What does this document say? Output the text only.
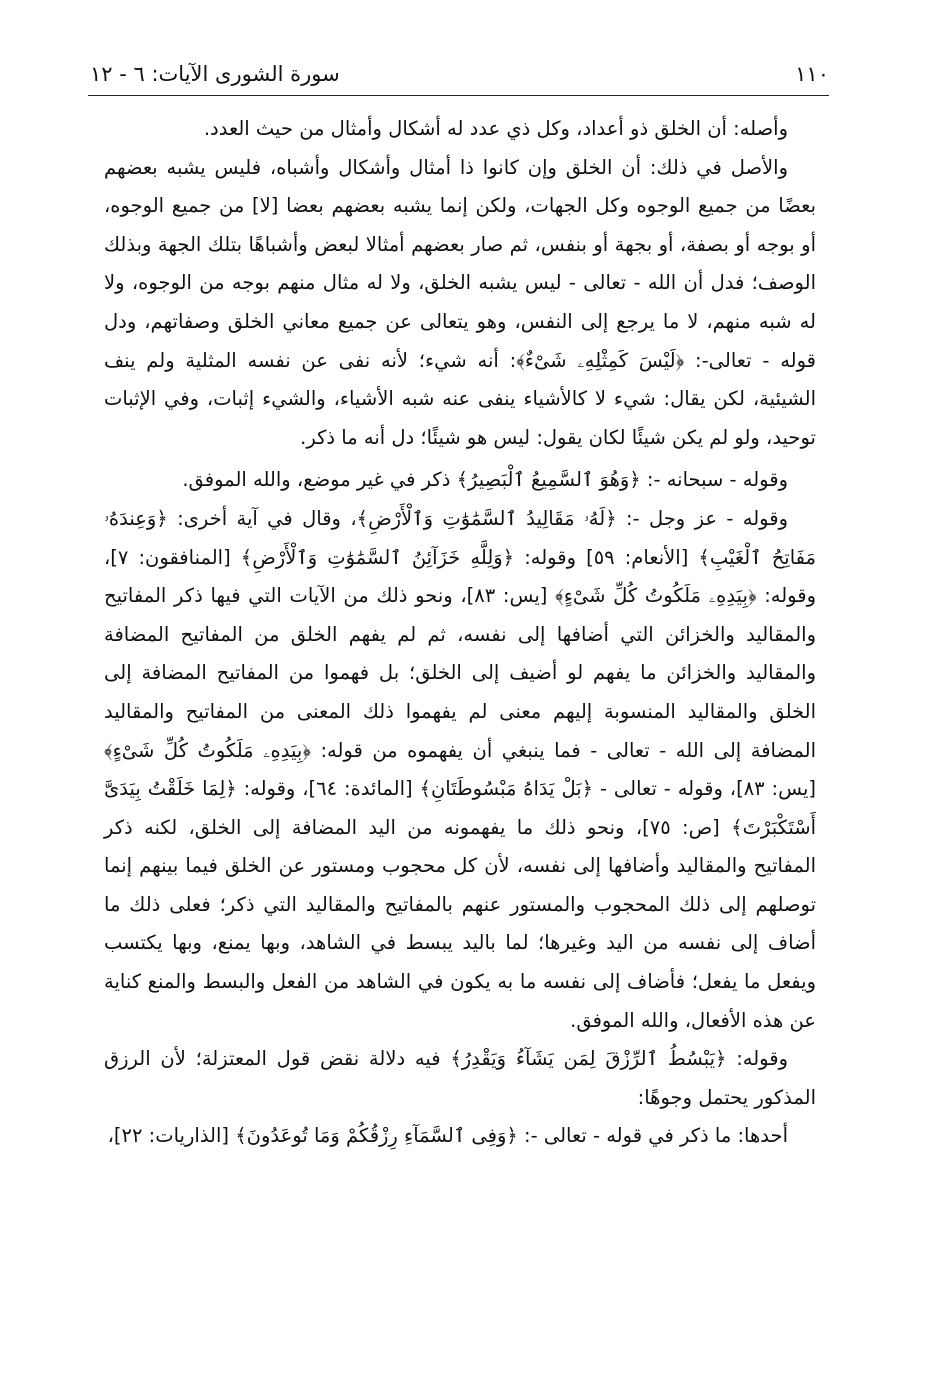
١١٠
سورة الشورى الآيات: ٦ - ١٢

وأصله: أن الخلق ذو أعداد، وكل ذي عدد له أشكال وأمثال من حيث العدد.

والأصل في ذلك: أن الخلق وإن كانوا ذا أمثال وأشكال وأشباه، فليس يشبه بعضهم بعضًا من جميع الوجوه وكل الجهات، ولكن إنما يشبه بعضهم بعضا [لا] من جميع الوجوه، أو بوجه أو بصفة، أو بجهة أو بنفس، ثم صار بعضهم أمثالا لبعض وأشباهًا بتلك الجهة وبذلك الوصف؛ فدل أن الله - تعالى - ليس يشبه الخلق، ولا له مثال منهم بوجه من الوجوه، ولا له شبه منهم، لا ما يرجع إلى النفس، وهو يتعالى عن جميع معاني الخلق وصفاتهم، ودل قوله - تعالى-: ﴿لَيْسَ كَمِثْلِهِۦ شَىْءٌ﴾: أنه شيء؛ لأنه نفى عن نفسه المثلية ولم ينف الشيئية، لكن يقال: شيء لا كالأشياء ينفى عنه شبه الأشياء، والشيء إثبات، وفي الإثبات توحيد، ولو لم يكن شيئًا لكان يقول: ليس هو شيئًا؛ دل أنه ما ذكر.

وقوله - سبحانه -: ﴿وَهُوَ ٱلسَّمِيعُ ٱلْبَصِيرُ﴾ ذكر في غير موضع، والله الموفق.

وقوله - عز وجل -: ﴿لَهُۥ مَقَالِيدُ ٱلسَّمَٰوَٰتِ وَٱلْأَرْضِ﴾، وقال في آية أخرى: ﴿وَعِندَهُۥ مَفَاتِحُ ٱلْغَيْبِ﴾ [الأنعام: ٥٩] وقوله: ﴿وَلِلَّهِ خَزَآئِنُ ٱلسَّمَٰوَٰتِ وَٱلْأَرْضِ﴾ [المنافقون: ٧]، وقوله: ﴿بِيَدِهِۦ مَلَكُوتُ كُلِّ شَىْءٍ﴾ [يس: ٨٣]، ونحو ذلك من الآيات التي فيها ذكر المفاتيح والمقاليد والخزائن التي أضافها إلى نفسه، ثم لم يفهم الخلق من المفاتيح المضافة والمقاليد والخزائن ما يفهم لو أضيف إلى الخلق؛ بل فهموا من المفاتيح المضافة إلى الخلق والمقاليد المنسوبة إليهم معنى لم يفهموا ذلك المعنى من المفاتيح والمقاليد المضافة إلى الله - تعالى - فما ينبغي أن يفهموه من قوله: ﴿بِيَدِهِۦ مَلَكُوتُ كُلِّ شَىْءٍ﴾ [يس: ٨٣]، وقوله - تعالى - ﴿بَلْ يَدَاهُ مَبْسُوطَتَانِ﴾ [المائدة: ٦٤]، وقوله: ﴿لِمَا خَلَقْتُ بِيَدَىَّ أَسْتَكْبَرْتَ﴾ [ص: ٧٥]، ونحو ذلك ما يفهمونه من اليد المضافة إلى الخلق، لكنه ذكر المفاتيح والمقاليد وأضافها إلى نفسه، لأن كل محجوب ومستور عن الخلق فيما بينهم إنما توصلهم إلى ذلك المحجوب والمستور عنهم بالمفاتيح والمقاليد التي ذكر؛ فعلى ذلك ما أضاف إلى نفسه من اليد وغيرها؛ لما باليد يبسط في الشاهد، وبها يمنع، وبها يكتسب ويفعل ما يفعل؛ فأضاف إلى نفسه ما به يكون في الشاهد من الفعل والبسط والمنع كناية عن هذه الأفعال، والله الموفق.

وقوله: ﴿يَبْسُطُ ٱلرِّزْقَ لِمَن يَشَآءُ وَيَقْدِرُ﴾ فيه دلالة نقض قول المعتزلة؛ لأن الرزق المذكور يحتمل وجوهًا:

أحدها: ما ذكر في قوله - تعالى -: ﴿وَفِى ٱلسَّمَآءِ رِزْقُكُمْ وَمَا تُوعَدُونَ﴾ [الذاريات: ٢٢]،
